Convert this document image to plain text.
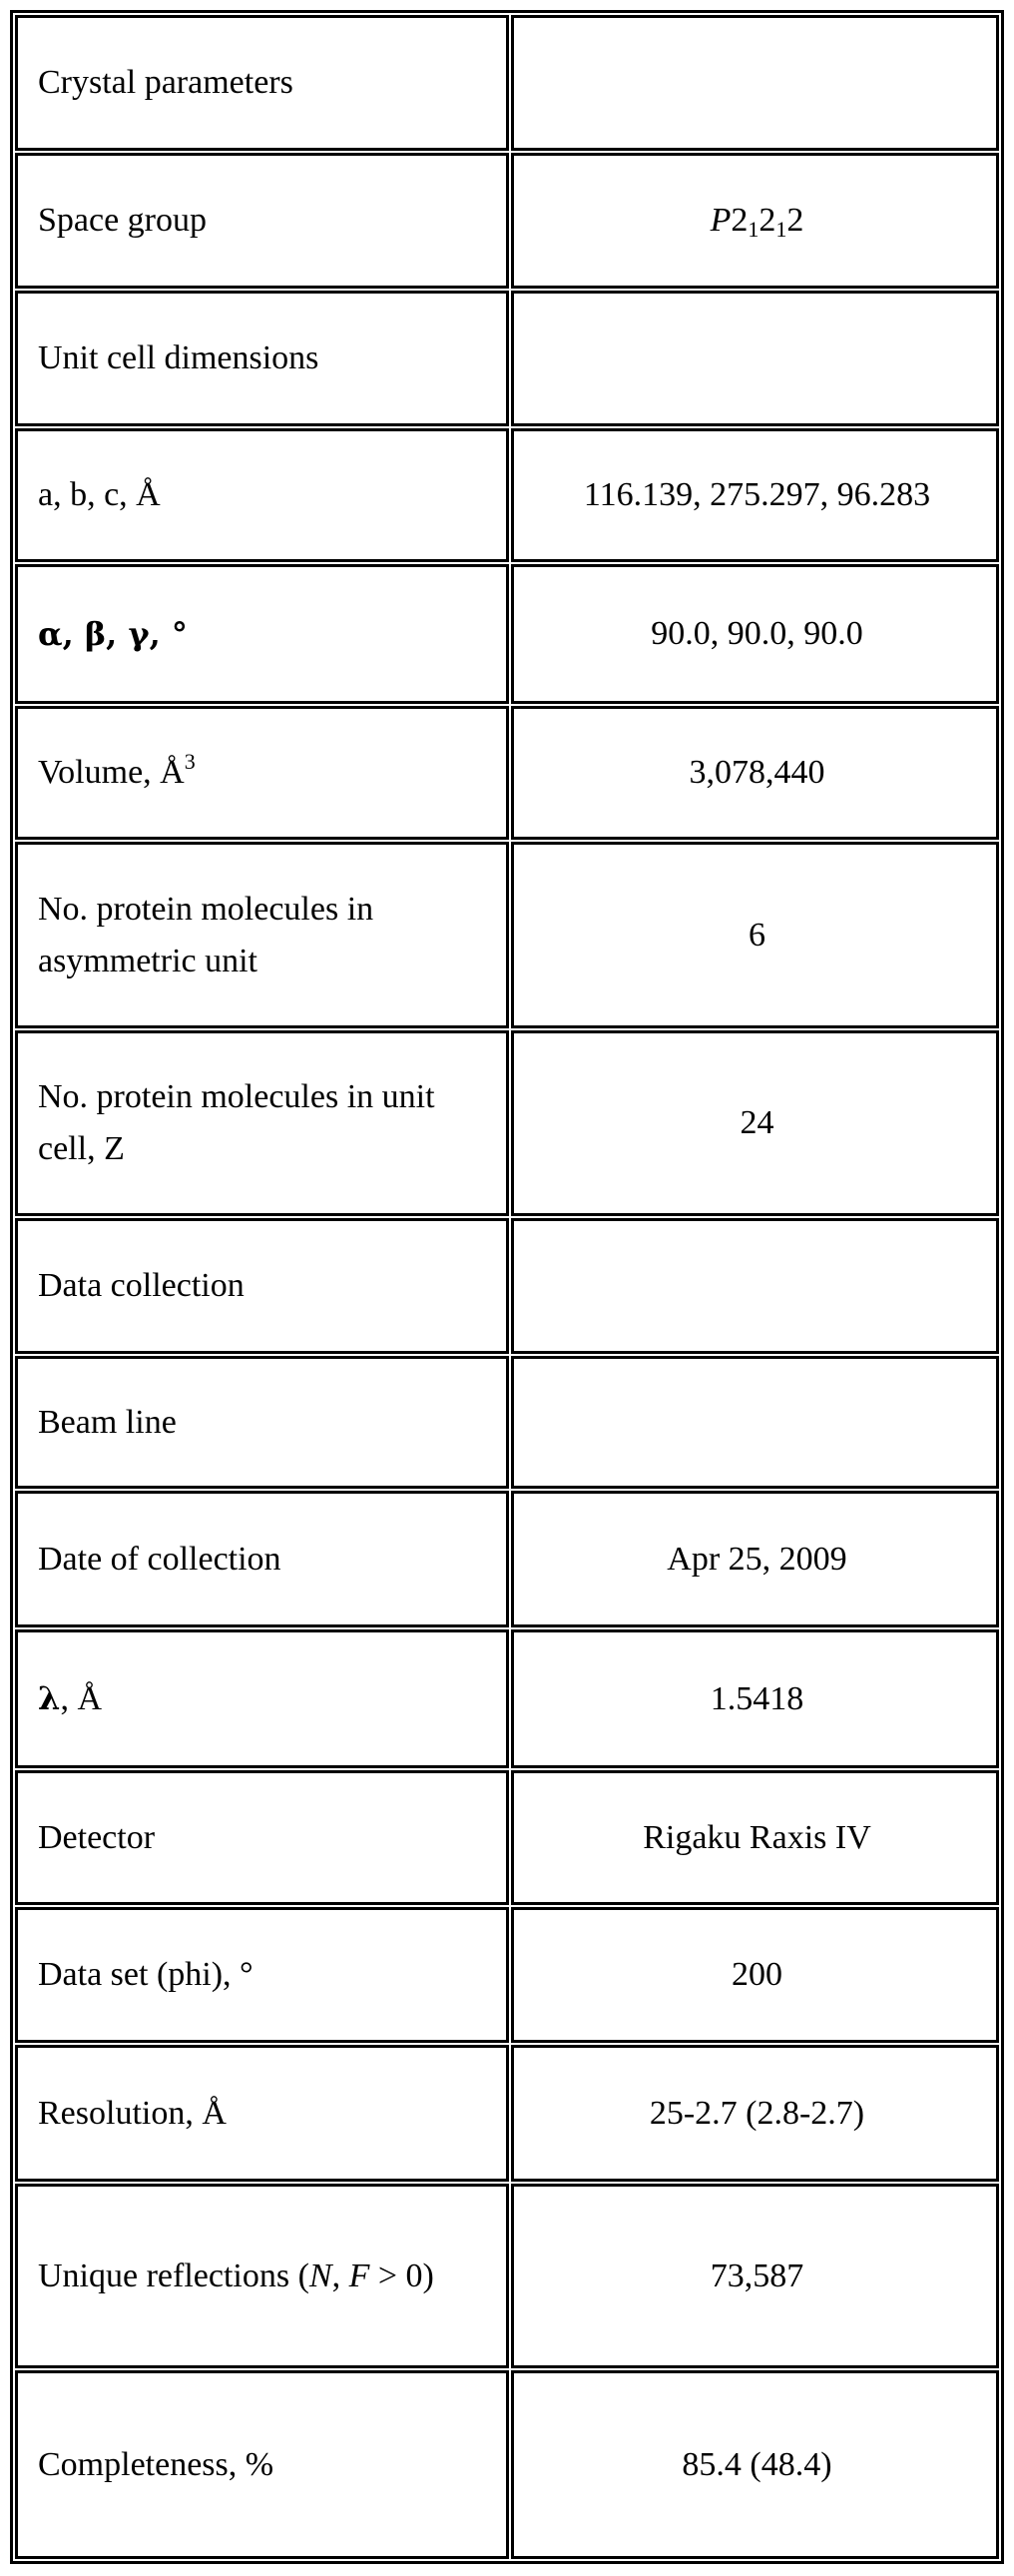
Crystal parameters	
Space group	$P2_12_12$
Unit cell dimensions	
a, b, c, Å	116.139, 275.297, 96.283
α, β, γ, °	90.0, 90.0, 90.0
Volume, $Å^3$	3,078,440
No. protein molecules in asymmetric unit	6
No. protein molecules in unit cell, Z	24
Data collection	
Beam line	
Date of collection	Apr 25, 2009
λ, Å	1.5418
Detector	Rigaku Raxis IV
Data set (phi), °	200
Resolution, Å	25-2.7 (2.8-2.7)
Unique reflections (N, F > 0)	73,587
Completeness, %	85.4 (48.4)
